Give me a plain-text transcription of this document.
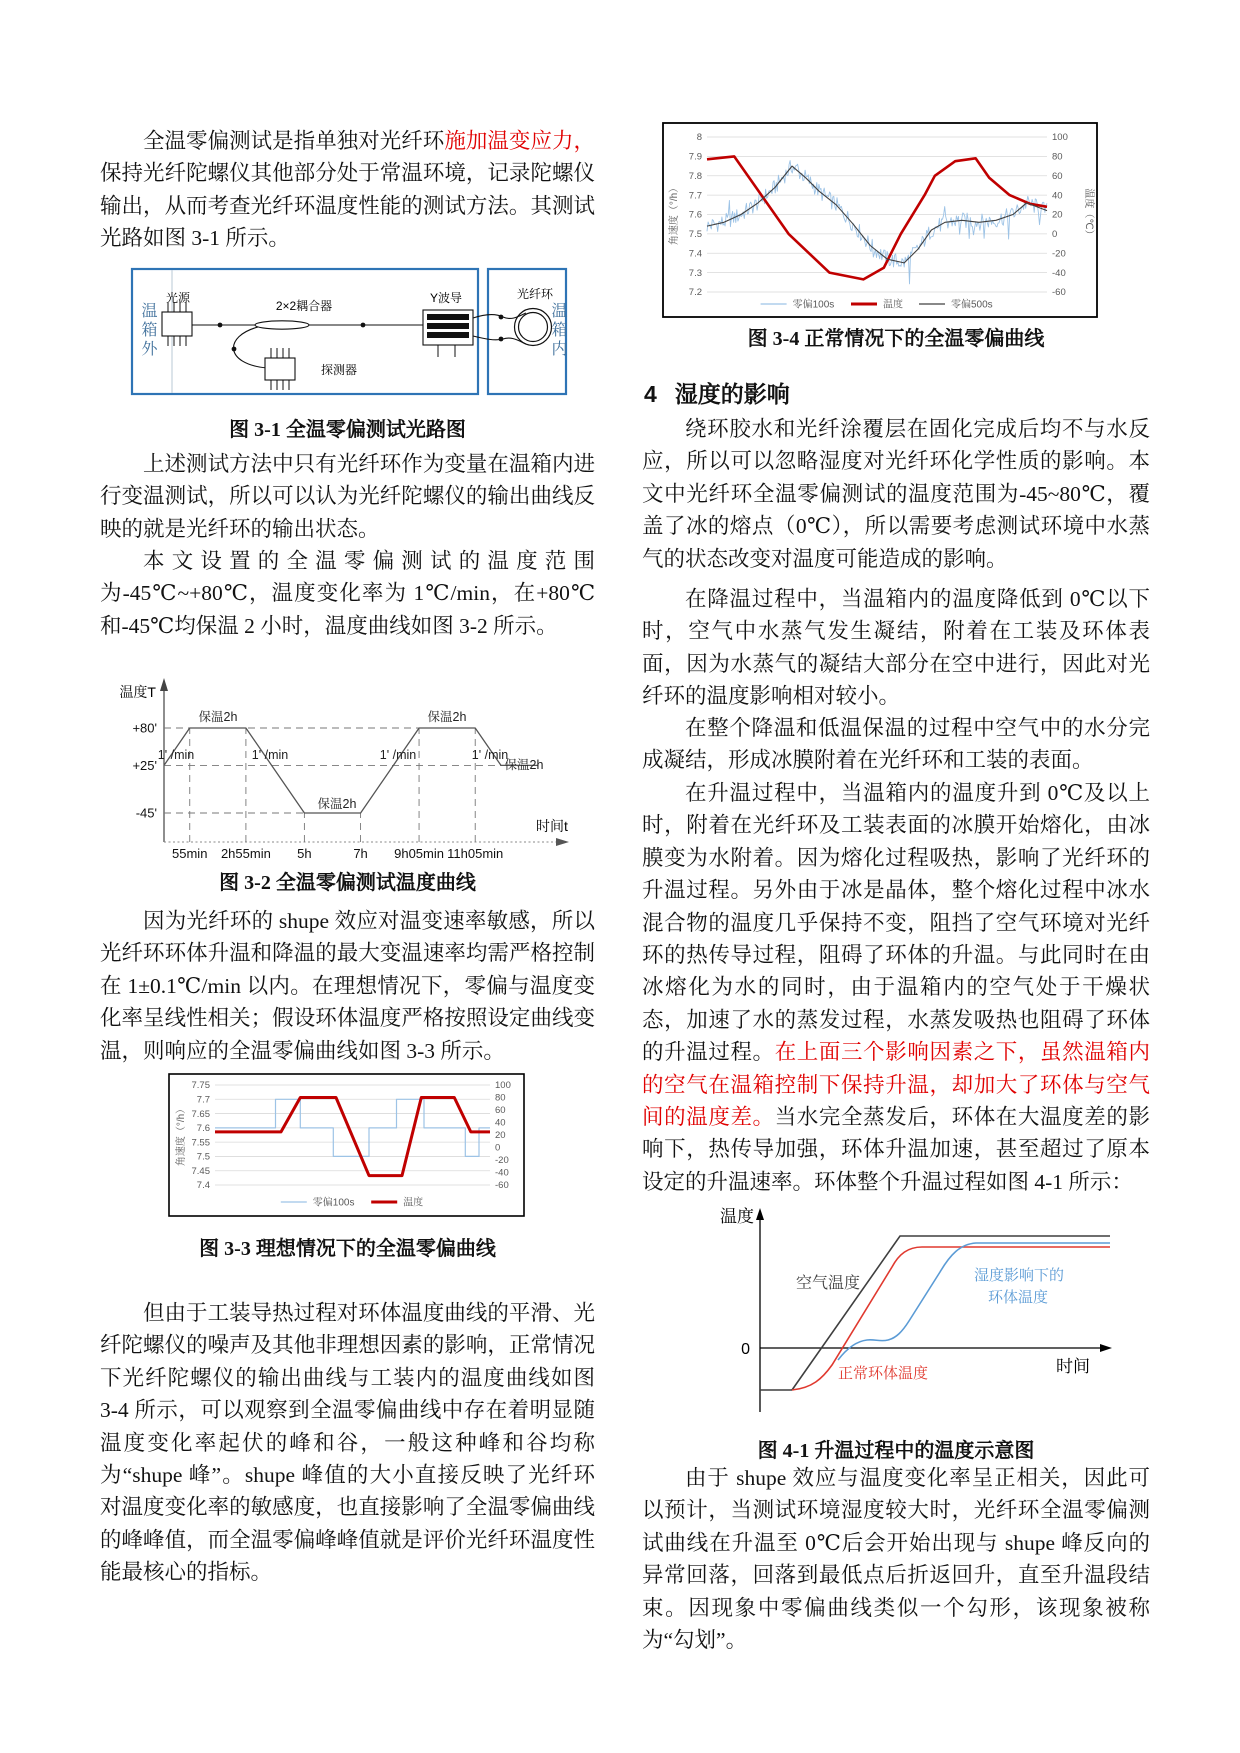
全温零偏测试是指单独对光纤环施加温变应力，保持光纤陀螺仪其他部分处于常温环境，记录陀螺仪输出，从而考查光纤环温度性能的测试方法。其测试光路如图 3-1 所示。

光源
2×2耦合器
探测器
Y波导	光纤环
温箱外	温箱内

图 3-1 全温零偏测试光路图

上述测试方法中只有光纤环作为变量在温箱内进行变温测试，所以可以认为光纤陀螺仪的输出曲线反映的就是光纤环的输出状态。

本文设置的全温零偏测试的温度范围为-45℃~+80℃，温度变化率为 1℃/min，在+80℃和-45℃均保温 2 小时，温度曲线如图 3-2 所示。

温度T
时间t
55min 2h55min 5h	7h 9h05min 11h05min
+80'
+25'
-45'
保温2h	保温2h
保温2h
保温2h
1' /min	1' /min	1' /min	1' /min

图 3-2 全温零偏测试温度曲线

因为光纤环的 shupe 效应对温变速率敏感，所以光纤环环体升温和降温的最大变温速率均需严格控制在 1±0.1℃/min 以内。在理想情况下，零偏与温度变化率呈线性相关；假设环体温度严格按照设定曲线变温，则响应的全温零偏曲线如图 3-3 所示。

7.75
7.7
7.65
7.6
7.55
7.5
7.45
7.4
100
80
60
40
20
0
-20
-40
-60
角速度（°/h）
零偏100s	温度

图 3-3 理想情况下的全温零偏曲线

但由于工装导热过程对环体温度曲线的平滑、光纤陀螺仪的噪声及其他非理想因素的影响，正常情况下光纤陀螺仪的输出曲线与工装内的温度曲线如图 3-4 所示，可以观察到全温零偏曲线中存在着明显随温度变化率起伏的峰和谷，一般这种峰和谷均称为“shupe 峰”。shupe 峰值的大小直接反映了光纤环对温度变化率的敏感度，也直接影响了全温零偏曲线的峰峰值，而全温零偏峰峰值就是评价光纤环温度性能最核心的指标。

8
7.9
7.8
7.7
7.6
7.5
7.4
7.3
7.2
100
80
60
40
20
0
-20
-40
-60
角速度（°/h）	温度（℃）
零偏100s	温度	零偏500s

图 3-4 正常情况下的全温零偏曲线

4 湿度的影响

绕环胶水和光纤涂覆层在固化完成后均不与水反应，所以可以忽略湿度对光纤环化学性质的影响。本文中光纤环全温零偏测试的温度范围为-45~80℃，覆盖了冰的熔点（0℃），所以需要考虑测试环境中水蒸气的状态改变对温度可能造成的影响。

在降温过程中，当温箱内的温度降低到 0℃以下时，空气中水蒸气发生凝结，附着在工装及环体表面，因为水蒸气的凝结大部分在空中进行，因此对光纤环的温度影响相对较小。

在整个降温和低温保温的过程中空气中的水分完成凝结，形成冰膜附着在光纤环和工装的表面。

在升温过程中，当温箱内的温度升到 0℃及以上时，附着在光纤环及工装表面的冰膜开始熔化，由冰膜变为水附着。因为熔化过程吸热，影响了光纤环的升温过程。另外由于冰是晶体，整个熔化过程中冰水混合物的温度几乎保持不变，阻挡了空气环境对光纤环的热传导过程，阻碍了环体的升温。与此同时在由冰熔化为水的同时，由于温箱内的空气处于干燥状态，加速了水的蒸发过程，水蒸发吸热也阻碍了环体的升温过程。在上面三个影响因素之下，虽然温箱内的空气在温箱控制下保持升温，却加大了环体与空气间的温度差。当水完全蒸发后，环体在大温度差的影响下，热传导加强，环体升温加速，甚至超过了原本设定的升温速率。环体整个升温过程如图 4-1 所示：

温度
0
时间
空气温度
正常环体温度
湿度影响下的
环体温度

图 4-1 升温过程中的温度示意图

由于 shupe 效应与温度变化率呈正相关，因此可以预计，当测试环境湿度较大时，光纤环全温零偏测试曲线在升温至 0℃后会开始出现与 shupe 峰反向的异常回落，回落到最低点后折返回升，直至升温段结束。因现象中零偏曲线类似一个勾形，该现象被称为“勾划”。
